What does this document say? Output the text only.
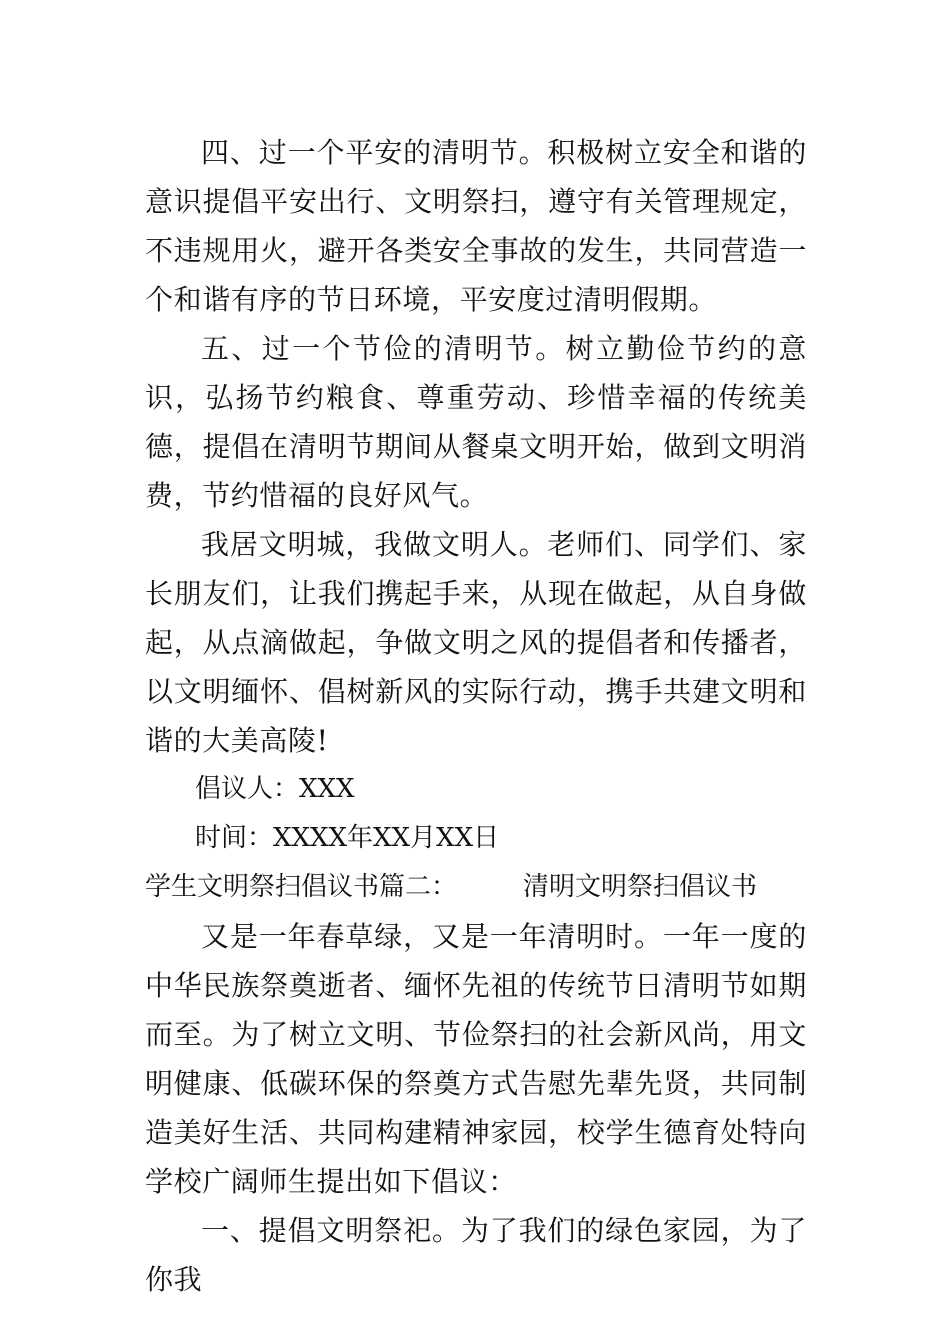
四、过一个平安的清明节。积极树立安全和谐的意识提倡平安出行、文明祭扫，遵守有关管理规定，不违规用火，避开各类安全事故的发生，共同营造一个和谐有序的节日环境，平安度过清明假期。

五、过一个节俭的清明节。树立勤俭节约的意识，弘扬节约粮食、尊重劳动、珍惜幸福的传统美德，提倡在清明节期间从餐桌文明开始，做到文明消费，节约惜福的良好风气。

我居文明城，我做文明人。老师们、同学们、家长朋友们，让我们携起手来，从现在做起，从自身做起，从点滴做起，争做文明之风的提倡者和传播者，以文明缅怀、倡树新风的实际行动，携手共建文明和谐的大美高陵!

倡议人：XXX

时间：XXXX年XX月XX日

学生文明祭扫倡议书篇二：	清明文明祭扫倡议书

又是一年春草绿，又是一年清明时。一年一度的中华民族祭奠逝者、缅怀先祖的传统节日清明节如期而至。为了树立文明、节俭祭扫的社会新风尚，用文明健康、低碳环保的祭奠方式告慰先辈先贤，共同制造美好生活、共同构建精神家园，校学生德育处特向学校广阔师生提出如下倡议：

一、提倡文明祭祀。为了我们的绿色家园，为了你我
